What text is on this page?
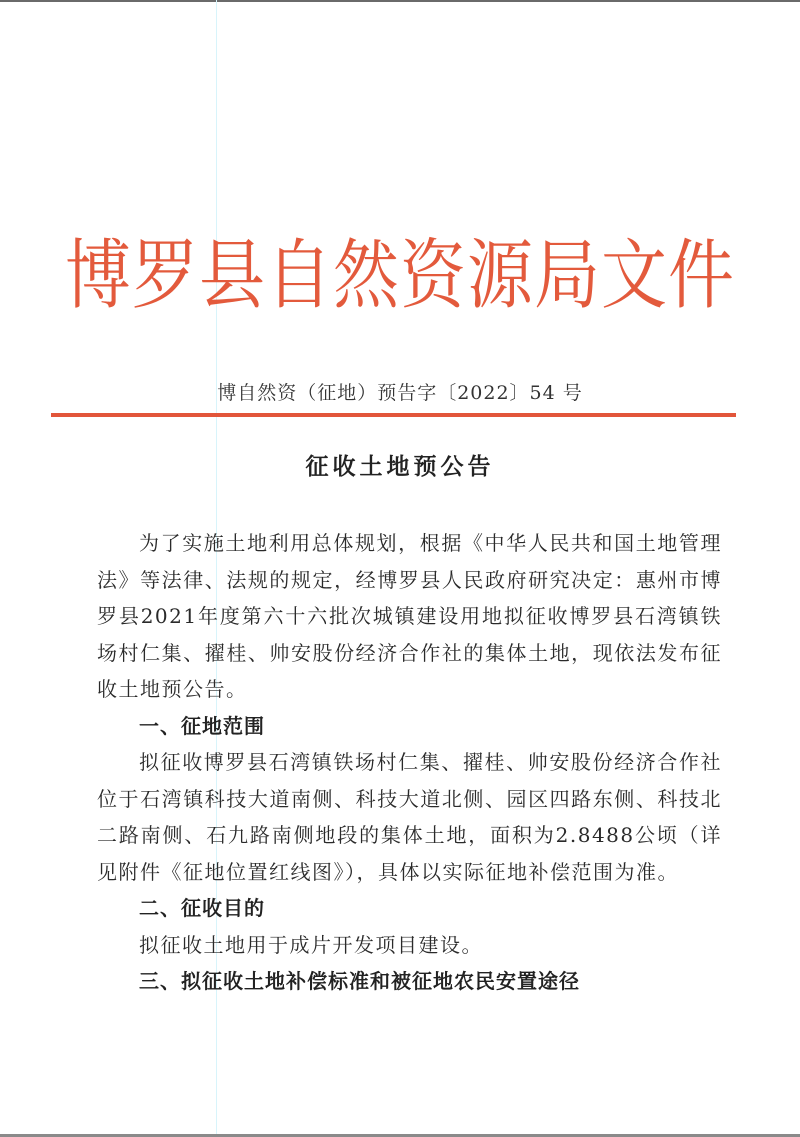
博罗县自然资源局文件
博自然资（征地）预告字〔2022〕54 号
征收土地预公告

为了实施土地利用总体规划，根据《中华人民共和国土地管理法》等法律、法规的规定，经博罗县人民政府研究决定：惠州市博罗县2021年度第六十六批次城镇建设用地拟征收博罗县石湾镇铁场村仁集、擢桂、帅安股份经济合作社的集体土地，现依法发布征收土地预公告。

一、征地范围

拟征收博罗县石湾镇铁场村仁集、擢桂、帅安股份经济合作社位于石湾镇科技大道南侧、科技大道北侧、园区四路东侧、科技北二路南侧、石九路南侧地段的集体土地，面积为2.8488公顷（详见附件《征地位置红线图》），具体以实际征地补偿范围为准。

二、征收目的

拟征收土地用于成片开发项目建设。

三、拟征收土地补偿标准和被征地农民安置途径
